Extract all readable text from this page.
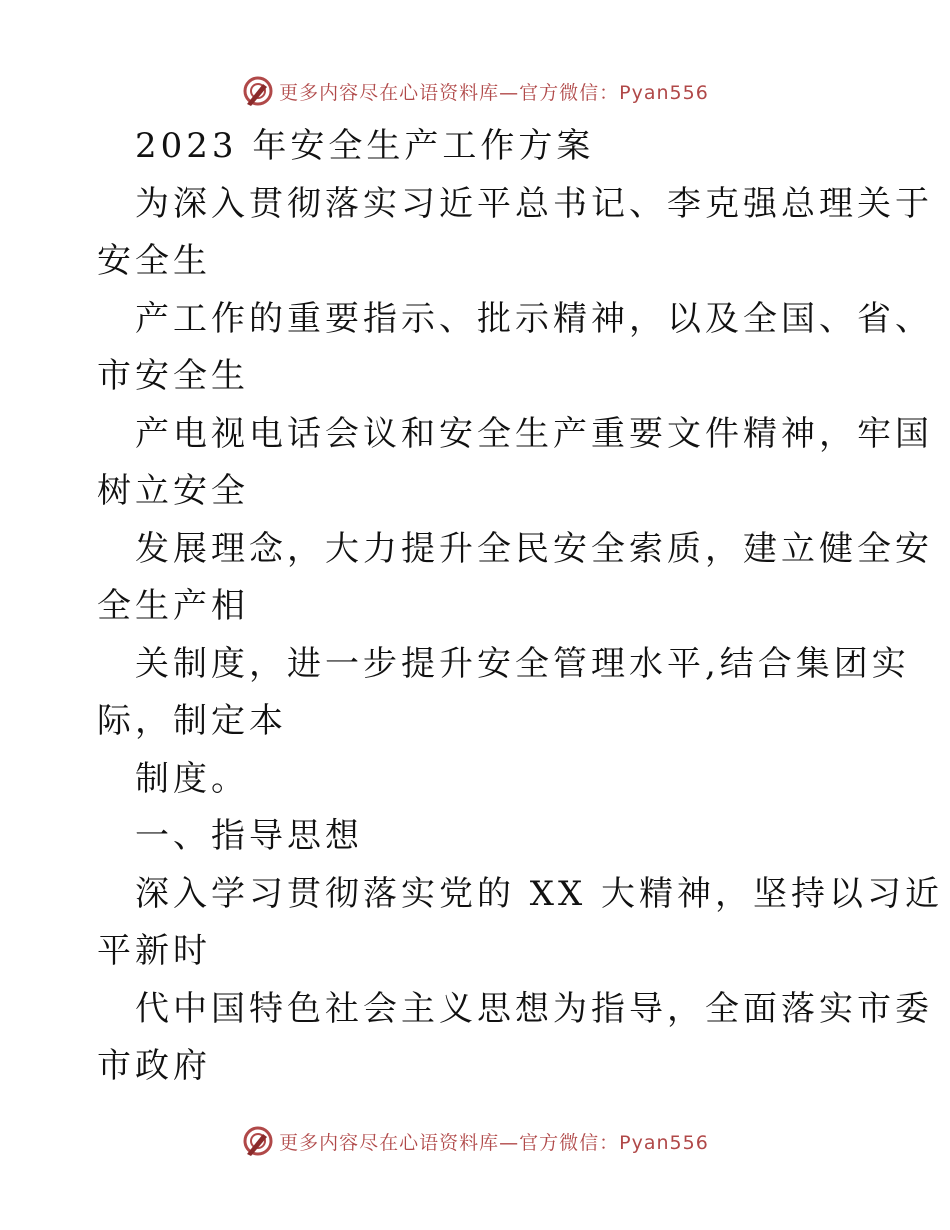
更多内容尽在心语资料库—官方微信：Pyan556
2023 年安全生产工作方案
为深入贯彻落实习近平总书记、李克强总理关于
安全生
产工作的重要指示、批示精神，以及全国、省、
市安全生
产电视电话会议和安全生产重要文件精神，牢国
树立安全
发展理念，大力提升全民安全索质，建立健全安
全生产相
关制度，进一步提升安全管理水平,结合集团实
际，制定本
制度。
一、指导思想
深入学习贯彻落实党的 XX 大精神，坚持以习近
平新时
代中国特色社会主义思想为指导，全面落实市委
市政府
更多内容尽在心语资料库—官方微信：Pyan556
